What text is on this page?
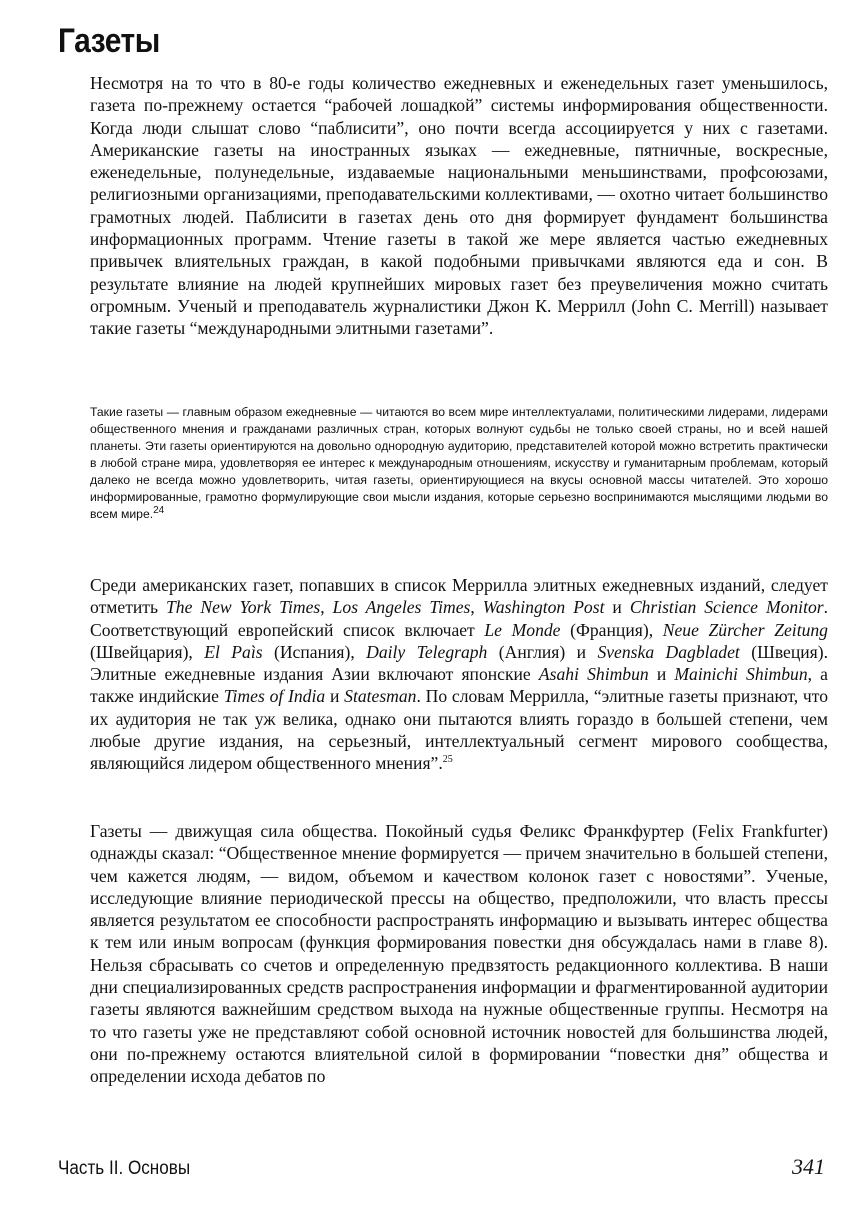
Газеты

Несмотря на то что в 80-е годы количество ежедневных и еженедельных газет уменьшилось, газета по-прежнему остается “рабочей лошадкой” системы информирования общественности. Когда люди слышат слово “паблисити”, оно почти всегда ассоциируется у них с газетами. Американские газеты на иностранных языках — ежедневные, пятничные, воскресные, еженедельные, полунедельные, издаваемые национальными меньшинствами, профсоюзами, религиозными организациями, преподавательскими коллективами, — охотно читает большинство грамотных людей. Паблисити в газетах день ото дня формирует фундамент большинства информационных программ. Чтение газеты в такой же мере является частью ежедневных привычек влиятельных граждан, в какой подобными привычками являются еда и сон. В результате влияние на людей крупнейших мировых газет без преувеличения можно считать огромным. Ученый и преподаватель журналистики Джон К. Меррилл (John C. Merrill) называет такие газеты “международными элитными газетами”.

Такие газеты — главным образом ежедневные — читаются во всем мире интеллектуалами, политическими лидерами, лидерами общественного мнения и гражданами различных стран, которых волнуют судьбы не только своей страны, но и всей нашей планеты. Эти газеты ориентируются на довольно однородную аудиторию, представителей которой можно встретить практически в любой стране мира, удовлетворяя ее интерес к международным отношениям, искусству и гуманитарным проблемам, который далеко не всегда можно удовлетворить, читая газеты, ориентирующиеся на вкусы основной массы читателей. Это хорошо информированные, грамотно формулирующие свои мысли издания, которые серьезно воспринимаются мыслящими людьми во всем мире.$^{24}$

Среди американских газет, попавших в список Меррилла элитных ежедневных изданий, следует отметить The New York Times, Los Angeles Times, Washington Post и Christian Science Monitor. Соответствующий европейский список включает Le Monde (Франция), Neue Zürcher Zeitung (Швейцария), El Paìs (Испания), Daily Telegraph (Англия) и Svenska Dagbladet (Швеция). Элитные ежедневные издания Азии включают японские Asahi Shimbun и Mainichi Shimbun, а также индийские Times of India и Statesman. По словам Меррилла, “элитные газеты признают, что их аудитория не так уж велика, однако они пытаются влиять гораздо в большей степени, чем любые другие издания, на серьезный, интеллектуальный сегмент мирового сообщества, являющийся лидером общественного мнения”.$^{25}$

Газеты — движущая сила общества. Покойный судья Феликс Франкфуртер (Felix Frankfurter) однажды сказал: “Общественное мнение формируется — причем значительно в большей степени, чем кажется людям, — видом, объемом и качеством колонок газет с новостями”. Ученые, исследующие влияние периодической прессы на общество, предположили, что власть прессы является результатом ее способности распространять информацию и вызывать интерес общества к тем или иным вопросам (функция формирования повестки дня обсуждалась нами в главе 8). Нельзя сбрасывать со счетов и определенную предвзятость редакционного коллектива. В наши дни специализированных средств распространения информации и фрагментированной аудитории газеты являются важнейшим средством выхода на нужные общественные группы. Несмотря на то что газеты уже не представляют собой основной источник новостей для большинства людей, они по-прежнему остаются влиятельной силой в формировании “повестки дня” общества и определении исхода дебатов по

Часть II. Основы	341
